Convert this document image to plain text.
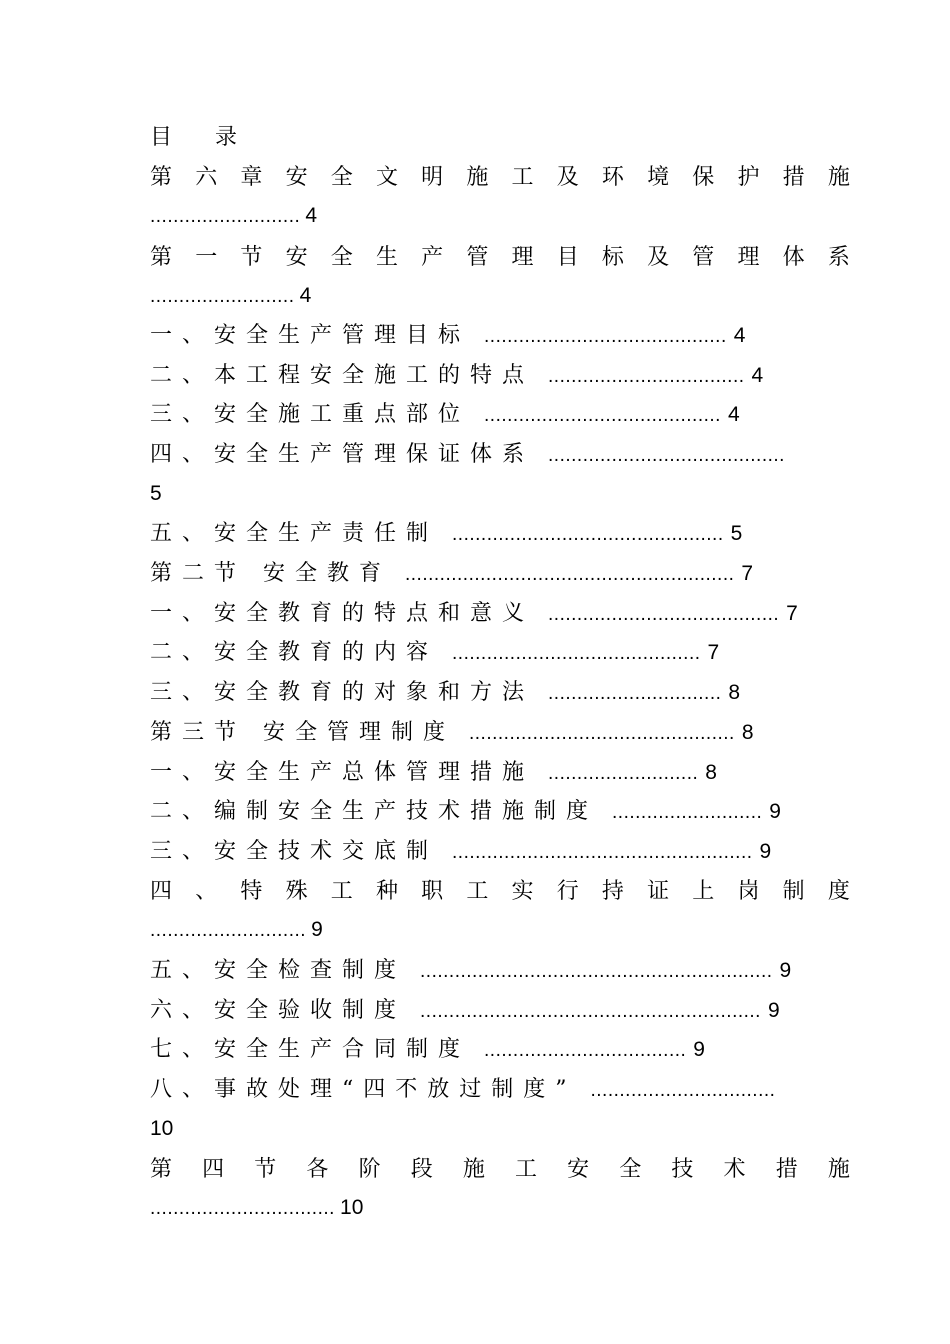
目 录
第 六 章 安 全 文 明 施 工 及 环 境 保 护 措 施
.......................... 4
第 一 节 安 全 生 产 管 理 目 标 及 管 理 体 系
......................... 4
一、安全生产管理目标 .......................................... 4
二、本工程安全施工的特点 .................................. 4
三、安全施工重点部位 ......................................... 4
四、安全生产管理保证体系 .........................................
5
五、安全生产责任制 ............................................... 5
第二节 安全教育 ......................................................... 7
一、安全教育的特点和意义 ........................................ 7
二、安全教育的内容 ........................................... 7
三、安全教育的对象和方法 .............................. 8
第三节 安全管理制度 .............................................. 8
一、安全生产总体管理措施 .......................... 8
二、编制安全生产技术措施制度 .......................... 9
三、安全技术交底制 .................................................... 9
四 、 特 殊 工 种 职 工 实 行 持 证 上 岗 制 度
........................... 9
五、安全检查制度 ............................................................. 9
六、安全验收制度 ........................................................... 9
七、安全生产合同制度 ................................... 9
八、事故处理“四不放过制度” ................................
10
第 四 节 各 阶 段 施 工 安 全 技 术 措 施
................................ 10
